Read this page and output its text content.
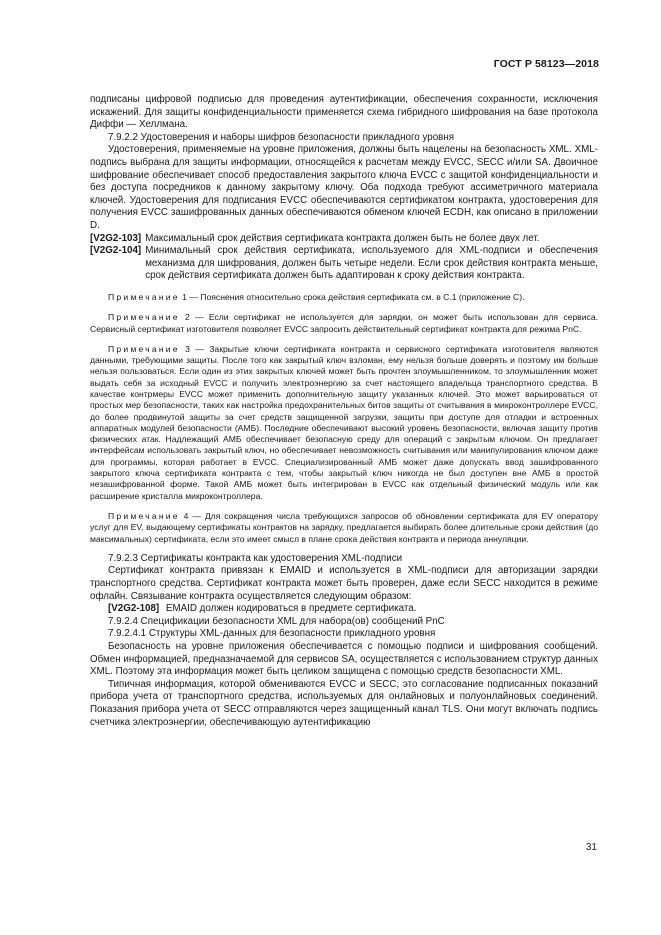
ГОСТ Р 58123—2018

подписаны цифровой подписью для проведения аутентификации, обеспечения сохранности, исключения искажений. Для защиты конфиденциальности применяется схема гибридного шифрования на базе протокола Диффи — Хеллмана.

7.9.2.2 Удостоверения и наборы шифров безопасности прикладного уровня

Удостоверения, применяемые на уровне приложения, должны быть нацелены на безопасность XML. XML-подпись выбрана для защиты информации, относящейся к расчетам между EVCC, SECC и/или SA. Двоичное шифрование обеспечивает способ предоставления закрытого ключа EVCC с защитой конфиденциальности и без доступа посредников к данному закрытому ключу. Оба подхода требуют ассиметричного материала ключей. Удостоверения для подписания EVCC обеспечиваются сертификатом контракта, удостоверения для получения EVCC зашифрованных данных обеспечиваются обменом ключей ECDH, как описано в приложении D.

[V2G2-103] Максимальный срок действия сертификата контракта должен быть не более двух лет.
[V2G2-104] Минимальный срок действия сертификата, используемого для XML-подписи и обеспечения механизма для шифрования, должен быть четыре недели. Если срок действия контракта меньше, срок действия сертификата должен быть адаптирован к сроку действия контракта.

Примечание 1 — Пояснения относительно срока действия сертификата см. в С.1 (приложение С).

Примечание 2 — Если сертификат не используется для зарядки, он может быть использован для сервиса. Сервисный сертификат изготовителя позволяет EVCC запросить действительный сертификат контракта для режима PnC.

Примечание 3 — Закрытые ключи сертификата контракта и сервисного сертификата изготовителя являются данными, требующими защиты. После того как закрытый ключ взломан, ему нельзя больше доверять и поэтому им больше нельзя пользоваться. Если один из этих закрытых ключей может быть прочтен злоумышленником, то злоумышленник может выдать себя за исходный EVCC и получить электроэнергию за счет настоящего владельца транспортного средства. В качестве контрмеры EVCC может применить дополнительную защиту указанных ключей. Это может варьироваться от простых мер безопасности, таких как настройка предохранительных битов защиты от считывания в микроконтроллере EVCC, до более продвинутой защиты за счет средств защищенной загрузки, защиты при доступе для отладки и встроенных аппаратных модулей безопасности (АМБ). Последние обеспечивают высокий уровень безопасности, включая защиту против физических атак. Надлежащий АМБ обеспечивает безопасную среду для операций с закрытым ключом. Он предлагает интерфейсам использовать закрытый ключ, но обеспечивает невозможность считывания или манипулирования ключом даже для программы, которая работает в EVCC. Специализированный АМБ может даже допускать ввод зашифрованного закрытого ключа сертификата контракта с тем, чтобы закрытый ключ никогда не был доступен вне АМБ в простой незашифрованной форме. Такой АМБ может быть интегрирован в EVCC как отдельный физический модуль или как расширение кристалла микроконтроллера.

Примечание 4 — Для сокращения числа требующихся запросов об обновлении сертификата для EV оператору услуг для EV, выдающему сертификаты контрактов на зарядку, предлагается выбирать более длительные сроки действия (до максимальных) сертификата, если это имеет смысл в плане срока действия контракта и периода аннуляции.

7.9.2.3 Сертификаты контракта как удостоверения XML-подписи

Сертификат контракта привязан к EMAID и используется в XML-подписи для авторизации зарядки транспортного средства. Сертификат контракта может быть проверен, даже если SECC находится в режиме офлайн. Связывание контракта осуществляется следующим образом:

[V2G2-108] EMAID должен кодироваться в предмете сертификата.

7.9.2.4 Спецификации безопасности XML для набора(ов) сообщений PnC

7.9.2.4.1 Структуры XML-данных для безопасности прикладного уровня

Безопасность на уровне приложения обеспечивается с помощью подписи и шифрования сообщений. Обмен информацией, предназначаемой для сервисов SA, осуществляется с использованием структур данных XML. Поэтому эта информация может быть целиком защищена с помощью средств безопасности XML.

Типичная информация, которой обмениваются EVCC и SECC, это согласование подписанных показаний прибора учета от транспортного средства, используемых для онлайновых и полуонлайновых соединений. Показания прибора учета от SECC отправляются через защищенный канал TLS. Они могут включать подпись счетчика электроэнергии, обеспечивающую аутентификацию

31
